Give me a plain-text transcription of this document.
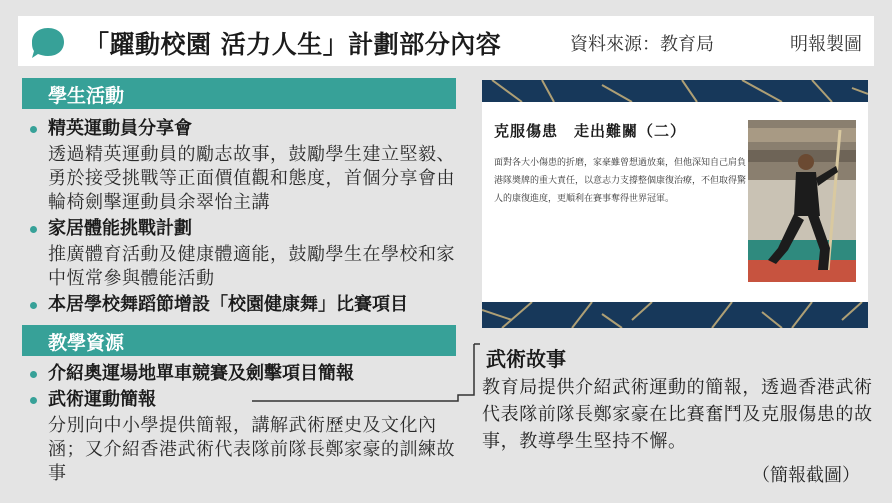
「躍動校園 活力人生」計劃部分內容	資料來源：教育局	明報製圖
學生活動
精英運動員分享會
透過精英運動員的勵志故事，鼓勵學生建立堅毅、勇於接受挑戰等正面價值觀和態度，首個分享會由輪椅劍擊運動員余翠怡主講
家居體能挑戰計劃
推廣體育活動及健康體適能，鼓勵學生在學校和家中恆常參與體能活動
本居學校舞蹈節增設「校園健康舞」比賽項目
教學資源
介紹奧運場地單車競賽及劍擊項目簡報
武術運動簡報
分別向中小學提供簡報，講解武術歷史及文化內涵；又介紹香港武術代表隊前隊長鄭家豪的訓練故事
克服傷患　走出難關（二）
面對各大小傷患的折磨，家豪雖曾想過放棄，但他深知自己肩負港隊奬牌的重大責任，以意志力支撐整個康復治療，不但取得驚人的康復進度，更順利在賽事奪得世界冠軍。
武術故事
教育局提供介紹武術運動的簡報，透過香港武術代表隊前隊長鄭家豪在比賽奮鬥及克服傷患的故事，教導學生堅持不懈。
（簡報截圖）
